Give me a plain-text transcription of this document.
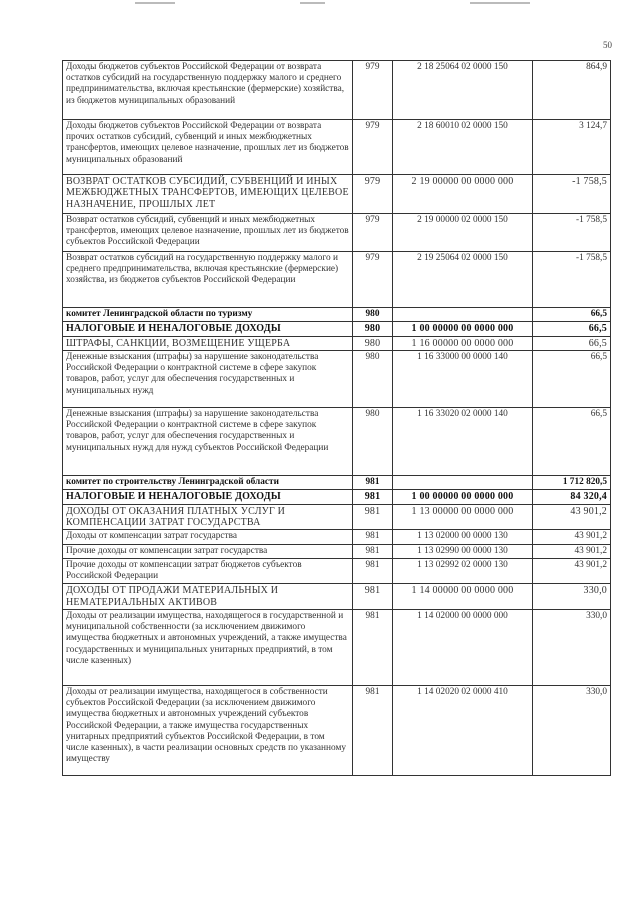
50
Доходы бюджетов субъектов Российской Федерации от возврата остатков субсидий на государственную поддержку малого и среднего предпринимательства, включая крестьянские (фермерские) хозяйства, из бюджетов муниципальных образований	979	2 18 25064 02 0000 150	864,9
Доходы бюджетов субъектов Российской Федерации от возврата прочих остатков субсидий, субвенций и иных межбюджетных трансфертов, имеющих целевое назначение, прошлых лет из бюджетов муниципальных образований	979	2 18 60010 02 0000 150	3 124,7
ВОЗВРАТ ОСТАТКОВ СУБСИДИЙ, СУБВЕНЦИЙ И ИНЫХ МЕЖБЮДЖЕТНЫХ ТРАНСФЕРТОВ, ИМЕЮЩИХ ЦЕЛЕВОЕ НАЗНАЧЕНИЕ, ПРОШЛЫХ ЛЕТ	979	2 19 00000 00 0000 000	-1 758,5
Возврат остатков субсидий, субвенций и иных межбюджетных трансфертов, имеющих целевое назначение, прошлых лет из бюджетов субъектов Российской Федерации	979	2 19 00000 02 0000 150	-1 758,5
Возврат остатков субсидий на государственную поддержку малого и среднего предпринимательства, включая крестьянские (фермерские) хозяйства, из бюджетов субъектов Российской Федерации	979	2 19 25064 02 0000 150	-1 758,5
комитет Ленинградской области по туризму	980		66,5
НАЛОГОВЫЕ И НЕНАЛОГОВЫЕ ДОХОДЫ	980	1 00 00000 00 0000 000	66,5
ШТРАФЫ, САНКЦИИ, ВОЗМЕЩЕНИЕ УЩЕРБА	980	1 16 00000 00 0000 000	66,5
Денежные взыскания (штрафы) за нарушение законодательства Российской Федерации о контрактной системе в сфере закупок товаров, работ, услуг для обеспечения государственных и муниципальных нужд	980	1 16 33000 00 0000 140	66,5
Денежные взыскания (штрафы) за нарушение законодательства Российской Федерации о контрактной системе в сфере закупок товаров, работ, услуг для обеспечения государственных и муниципальных нужд для нужд субъектов Российской Федерации	980	1 16 33020 02 0000 140	66,5
комитет по строительству Ленинградской области	981		1 712 820,5
НАЛОГОВЫЕ И НЕНАЛОГОВЫЕ ДОХОДЫ	981	1 00 00000 00 0000 000	84 320,4
ДОХОДЫ ОТ ОКАЗАНИЯ ПЛАТНЫХ УСЛУГ И КОМПЕНСАЦИИ ЗАТРАТ ГОСУДАРСТВА	981	1 13 00000 00 0000 000	43 901,2
Доходы от компенсации затрат государства	981	1 13 02000 00 0000 130	43 901,2
Прочие доходы от компенсации затрат государства	981	1 13 02990 00 0000 130	43 901,2
Прочие доходы от компенсации затрат бюджетов субъектов Российской Федерации	981	1 13 02992 02 0000 130	43 901,2
ДОХОДЫ ОТ ПРОДАЖИ МАТЕРИАЛЬНЫХ И НЕМАТЕРИАЛЬНЫХ АКТИВОВ	981	1 14 00000 00 0000 000	330,0
Доходы от реализации имущества, находящегося в государственной и муниципальной собственности (за исключением движимого имущества бюджетных и автономных учреждений, а также имущества государственных и муниципальных унитарных предприятий, в том числе казенных)	981	1 14 02000 00 0000 000	330,0
Доходы от реализации имущества, находящегося в собственности субъектов Российской Федерации (за исключением движимого имущества бюджетных и автономных учреждений субъектов Российской Федерации, а также имущества государственных унитарных предприятий субъектов Российской Федерации, в том числе казенных), в части реализации основных средств по указанному имуществу	981	1 14 02020 02 0000 410	330,0
